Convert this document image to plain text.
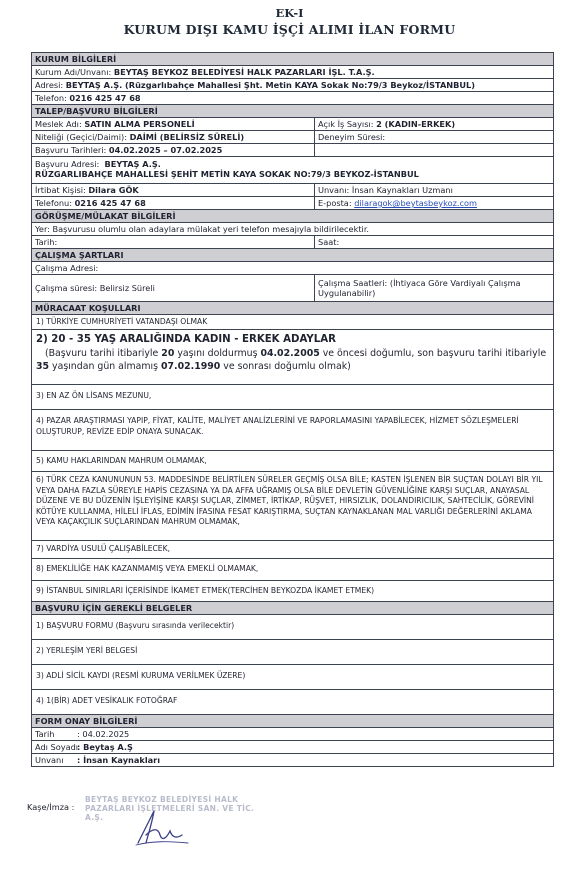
EK-I
KURUM DIŞI KAMU İŞÇİ ALIMI İLAN FORMU
KURUM BİLGİLERİ
Kurum Adı/Unvanı:
BEYTAŞ BEYKOZ BELEDİYESİ HALK PAZARLARI İŞL. T.A.Ş.
Adresi:
BEYTAŞ A.Ş. (Rüzgarlıbahçe Mahallesi Şht. Metin KAYA Sokak No:79/3 Beykoz/İSTANBUL)
Telefon:
0216 425 47 68
TALEP/BAŞVURU BİLGİLERİ
Meslek Adı:
SATIN ALMA PERSONELİ	Açık İş Sayısı:
2 (KADIN-ERKEK)
Niteliği (Geçici/Daimi):
DAİMİ (BELİRSİZ SÜRELİ)	Deneyim Süresi:
Başvuru Tarihleri:
04.02.2025 – 07.02.2025
Başvuru Adresi: BEYTAŞ A.Ş.
RÜZGARLIBAHÇE MAHALLESİ ŞEHİT METİN KAYA SOKAK NO:79/3 BEYKOZ-İSTANBUL
İrtibat Kişisi:
Dilara GÖK	Unvanı:
İnsan Kaynakları Uzmanı
Telefonu:
0216 425 47 68	E-posta:
dilaragok@beytasbeykoz.com
GÖRÜŞME/MÜLAKAT BİLGİLERİ
Yer: Başvurusu olumlu olan adaylara mülakat yeri telefon mesajıyla bildirilecektir.
Tarih:	Saat:
ÇALIŞMA ŞARTLARI
Çalışma Adresi:
Çalışma süresi: Belirsiz Süreli	Çalışma Saatleri: (İhtiyaca Göre Vardiyalı Çalışma Uygulanabilir)
MÜRACAAT KOŞULLARI
1) TÜRKİYE CUMHURİYETİ VATANDAŞI OLMAK
2) 20 - 35 YAŞ ARALIĞINDA KADIN - ERKEK ADAYLAR
(Başvuru tarihi itibariyle 20 yaşını doldurmuş 04.02.2005 ve öncesi doğumlu, son başvuru tarihi itibariyle 35 yaşından gün almamış 07.02.1990 ve sonrası doğumlu olmak)
3) EN AZ ÖN LİSANS MEZUNU,
4) PAZAR ARAŞTIRMASI YAPIP, FİYAT, KALİTE, MALİYET ANALİZLERİNİ VE RAPORLAMASINI YAPABİLECEK, HİZMET SÖZLEŞMELERİ OLUŞTURUP, REVİZE EDİP ONAYA SUNACAK.
5) KAMU HAKLARINDAN MAHRUM OLMAMAK,
6) TÜRK CEZA KANUNUNUN 53. MADDESİNDE BELİRTİLEN SÜRELER GEÇMİŞ OLSA BİLE; KASTEN İŞLENEN BİR SUÇTAN DOLAYI BİR YIL VEYA DAHA FAZLA SÜREYLE HAPİS CEZASINA YA DA AFFA UĞRAMIŞ OLSA BİLE DEVLETİN GÜVENLİĞİNE KARŞI SUÇLAR, ANAYASAL DÜZENE VE BU DÜZENİN İŞLEYİŞİNE KARŞI SUÇLAR, ZİMMET, İRTİKAP, RÜŞVET, HIRSIZLIK, DOLANDIRICILIK, SAHTECİLİK, GÖREVİNİ KÖTÜYE KULLANMA, HİLELİ İFLAS, EDİMİN İFASINA FESAT KARIŞTIRMA, SUÇTAN KAYNAKLANAN MAL VARLIĞI DEĞERLERİNİ AKLAMA VEYA KAÇAKÇILIK SUÇLARINDAN MAHRUM OLMAMAK,
7) VARDİYA USULÜ ÇALIŞABİLECEK,
8) EMEKLİLİĞE HAK KAZANMAMIŞ VEYA EMEKLİ OLMAMAK,
9) İSTANBUL SINIRLARI İÇERİSİNDE İKAMET ETMEK(TERCİHEN BEYKOZDA İKAMET ETMEK)
BAŞVURU İÇİN GEREKLİ BELGELER
1) BAŞVURU FORMU (Başvuru sırasında verilecektir)
2) YERLEŞİM YERİ BELGESİ
3) ADLİ SİCİL KAYDI (RESMİ KURUMA VERİLMEK ÜZERE)
4) 1(BİR) ADET VESİKALIK FOTOĞRAF
FORM ONAY BİLGİLERİ
Tarih	: 04.02.2025
Adı Soyadı
: Beytaş A.Ş
Unvanı	: İnsan Kaynakları
Kaşe/İmza :
BEYTAŞ BEYKOZ BELEDİYESİ HALK
PAZARLARI İŞLETMELERİ SAN. VE TİC. A.Ş.
